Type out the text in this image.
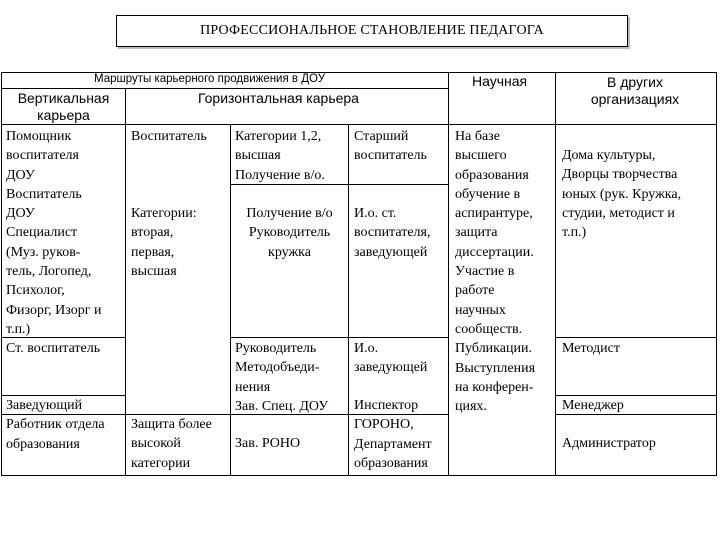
ПРОФЕССИОНАЛЬНОЕ СТАНОВЛЕНИЕ ПЕДАГОГА
Маршруты карьерного продвижения в ДОУ
Вертикальная
карьера
Горизонтальная карьера
Научная	В других
организациях
Помощник
воспитателя
ДОУ
Воспитатель
ДОУ
Специалист
(Муз. руков-
тель, Логопед,
Психолог,
Физорг, Изорг и
т.п.)
Ст. воспитатель
Заведующий
Работник отдела
образования
Воспитатель
Категории:
вторая,
первая,
высшая
Защита более
высокой
категории
Категории 1,2,
высшая
Получение в/о.
Получение в/о
Руководитель
кружка
Руководитель
Методобъеди-
нения
Зав. Спец. ДОУ
Зав. РОНО
Старший
воспитатель
И.о. ст.
воспитателя,
заведующей
И.о.
заведующей
Инспектор
ГОРОНО,
Департамент
образования
На базе
высшего
образования
обучение в
аспирантуре,
защита
диссертации.
Участие в
работе
научных
сообществ.
Публикации.
Выступления
на конферен-
циях.
Дома культуры,
Дворцы творчества
юных (рук. Кружка,
студии, методист и
т.п.)
Методист
Менеджер
Администратор
